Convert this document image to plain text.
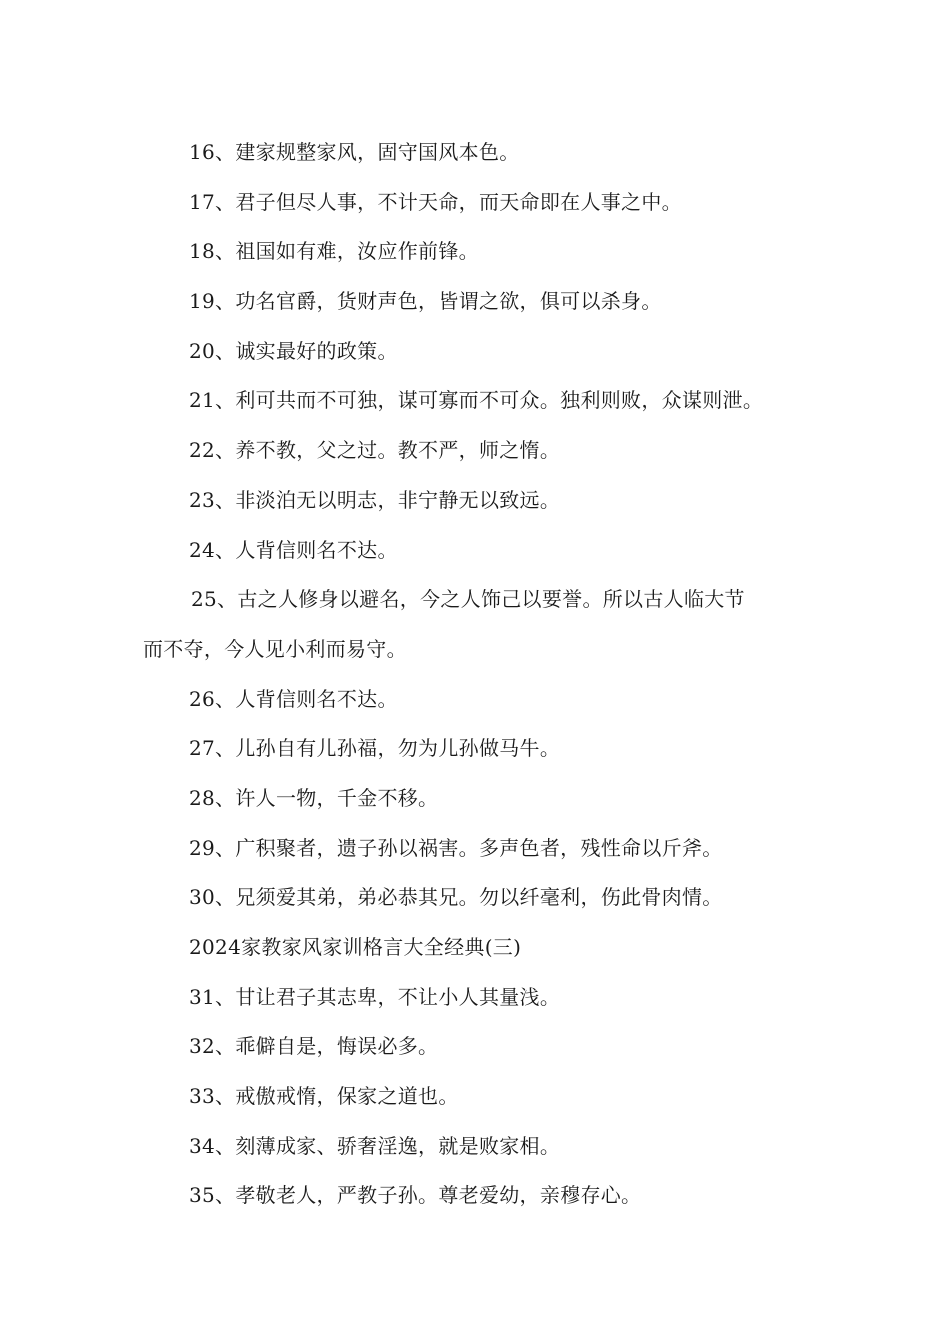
16、建家规整家风，固守国风本色。
17、君子但尽人事，不计天命，而天命即在人事之中。
18、祖国如有难，汝应作前锋。
19、功名官爵，货财声色，皆谓之欲，俱可以杀身。
20、诚实最好的政策。
21、利可共而不可独，谋可寡而不可众。独利则败，众谋则泄。
22、养不教，父之过。教不严，师之惰。
23、非淡泊无以明志，非宁静无以致远。
24、人背信则名不达。
25、古之人修身以避名，今之人饰己以要誉。所以古人临大节
而不夺，今人见小利而易守。
26、人背信则名不达。
27、儿孙自有儿孙福，勿为儿孙做马牛。
28、许人一物，千金不移。
29、广积聚者，遗子孙以祸害。多声色者，残性命以斤斧。
30、兄须爱其弟，弟必恭其兄。勿以纤毫利，伤此骨肉情。
2024家教家风家训格言大全经典(三)
31、甘让君子其志卑，不让小人其量浅。
32、乖僻自是，悔误必多。
33、戒傲戒惰，保家之道也。
34、刻薄成家、骄奢淫逸，就是败家相。
35、孝敬老人，严教子孙。尊老爱幼，亲穆存心。
